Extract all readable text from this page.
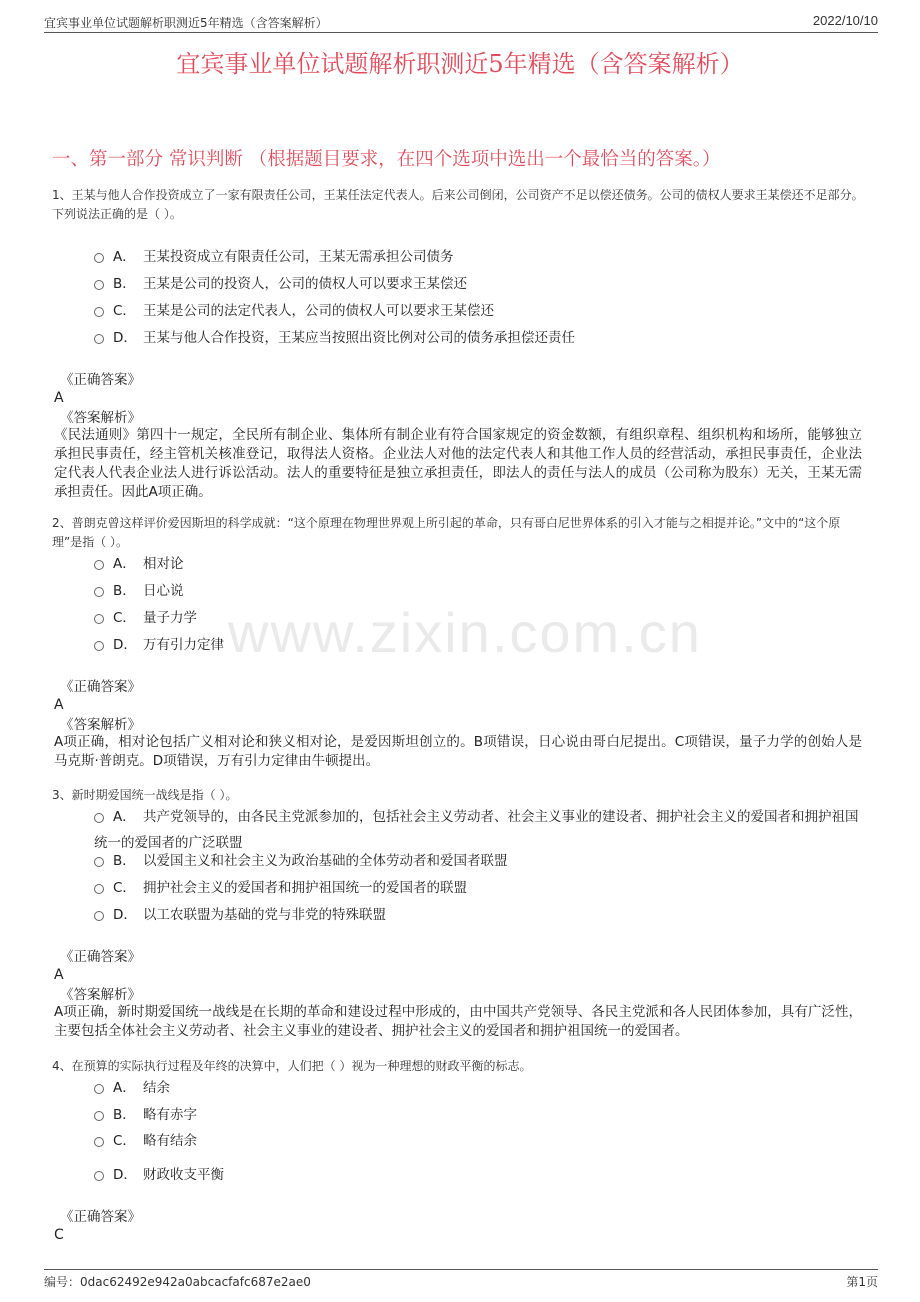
宜宾事业单位试题解析职测近5年精选（含答案解析）	2022/10/10
宜宾事业单位试题解析职测近5年精选（含答案解析）
一、第一部分 常识判断 （根据题目要求，在四个选项中选出一个最恰当的答案。）
www.zixin.com.cn
1、王某与他人合作投资成立了一家有限责任公司，王某任法定代表人。后来公司倒闭，公司资产不足以偿还债务。公司的债权人要求王某偿还不足部分。
下列说法正确的是（ ）。
A． 王某投资成立有限责任公司，王某无需承担公司债务
B． 王某是公司的投资人，公司的债权人可以要求王某偿还
C． 王某是公司的法定代表人，公司的债权人可以要求王某偿还
D． 王某与他人合作投资，王某应当按照出资比例对公司的债务承担偿还责任
《正确答案》
A
《答案解析》
《民法通则》第四十一规定，全民所有制企业、集体所有制企业有符合国家规定的资金数额，有组织章程、组织机构和场所，能够独立承担民事责任，经主管机关核准登记，取得法人资格。企业法人对他的法定代表人和其他工作人员的经营活动，承担民事责任，企业法定代表人代表企业法人进行诉讼活动。法人的重要特征是独立承担责任，即法人的责任与法人的成员（公司称为股东）无关，王某无需承担责任。因此A项正确。
2、普朗克曾这样评价爱因斯坦的科学成就：“这个原理在物理世界观上所引起的革命，只有哥白尼世界体系的引入才能与之相提并论。”文中的“这个原理”是指（ ）。
A． 相对论
B． 日心说
C． 量子力学
D． 万有引力定律
《正确答案》
A
《答案解析》
A项正确，相对论包括广义相对论和狭义相对论，是爱因斯坦创立的。B项错误，日心说由哥白尼提出。C项错误，量子力学的创始人是马克斯·普朗克。D项错误，万有引力定律由牛顿提出。
3、新时期爱国统一战线是指（ ）。
A． 共产党领导的，由各民主党派参加的，包括社会主义劳动者、社会主义事业的建设者、拥护社会主义的爱国者和拥护祖国统一的爱国者的广泛联盟
B． 以爱国主义和社会主义为政治基础的全体劳动者和爱国者联盟
C． 拥护社会主义的爱国者和拥护祖国统一的爱国者的联盟
D． 以工农联盟为基础的党与非党的特殊联盟
《正确答案》
A
《答案解析》
A项正确，新时期爱国统一战线是在长期的革命和建设过程中形成的，由中国共产党领导、各民主党派和各人民团体参加，具有广泛性，主要包括全体社会主义劳动者、社会主义事业的建设者、拥护社会主义的爱国者和拥护祖国统一的爱国者。
4、在预算的实际执行过程及年终的决算中，人们把（ ）视为一种理想的财政平衡的标志。
A． 结余
B． 略有赤字
C． 略有结余
D． 财政收支平衡
《正确答案》
C
编号：0dac62492e942a0abcacfafc687e2ae0	第1页
